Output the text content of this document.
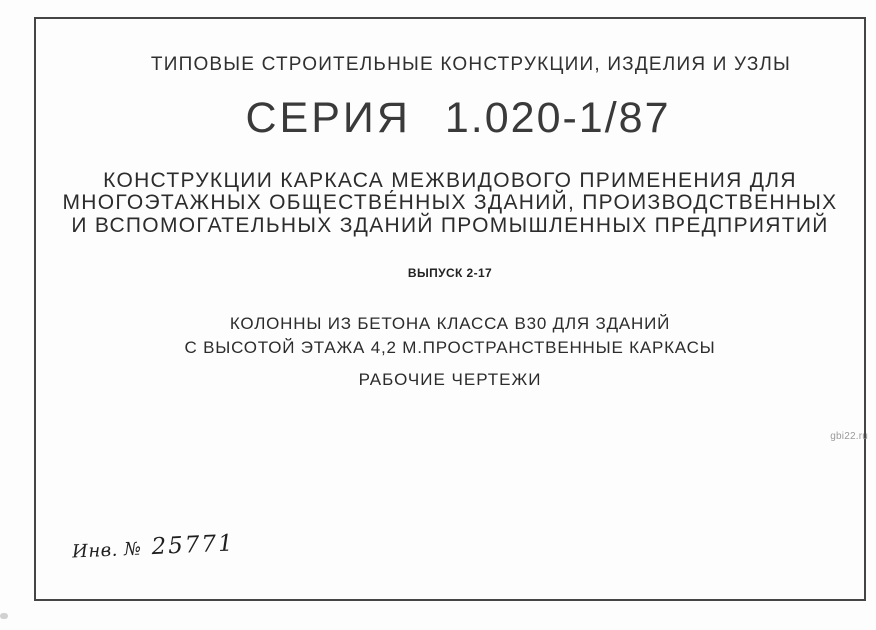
ТИПОВЫЕ СТРОИТЕЛЬНЫЕ КОНСТРУКЦИИ, ИЗДЕЛИЯ И УЗЛЫ
СЕРИЯ 1.020-1/87
КОНСТРУКЦИИ КАРКАСА МЕЖВИДОВОГО ПРИМЕНЕНИЯ ДЛЯ
МНОГОЭТАЖНЫХ ОБЩЕСТВЕ́ННЫХ ЗДАНИЙ, ПРОИЗВОДСТВЕННЫХ
И ВСПОМОГАТЕЛЬНЫХ ЗДАНИЙ ПРОМЫШЛЕННЫХ ПРЕДПРИЯТИЙ
ВЫПУСК 2-17
КОЛОННЫ ИЗ БЕТОНА КЛАССА В30 ДЛЯ ЗДАНИЙ
С ВЫСОТОЙ ЭТАЖА 4,2 М.ПРОСТРАНСТВЕННЫЕ КАРКАСЫ
РАБОЧИЕ ЧЕРТЕЖИ
gbi22.ru
Инв. № 25771
